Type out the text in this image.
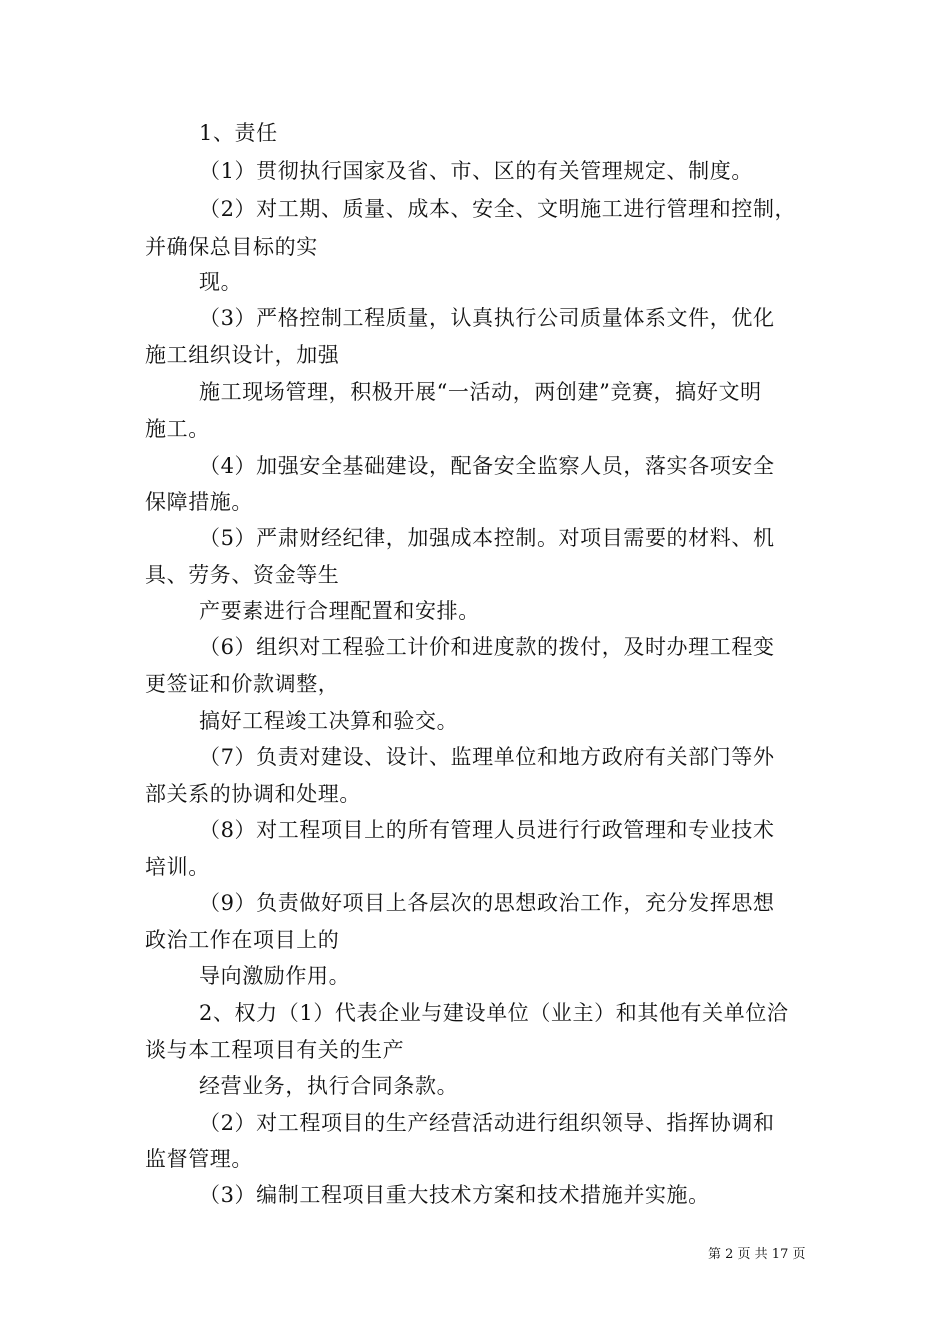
1、责任

（1）贯彻执行国家及省、市、区的有关管理规定、制度。

（2）对工期、质量、成本、安全、文明施工进行管理和控制，

并确保总目标的实

现。

（3）严格控制工程质量，认真执行公司质量体系文件，优化

施工组织设计，加强

施工现场管理，积极开展“一活动，两创建”竞赛，搞好文明

施工。

（4）加强安全基础建设，配备安全监察人员，落实各项安全

保障措施。

（5）严肃财经纪律，加强成本控制。对项目需要的材料、机

具、劳务、资金等生

产要素进行合理配置和安排。

（6）组织对工程验工计价和进度款的拨付，及时办理工程变

更签证和价款调整，

搞好工程竣工决算和验交。

（7）负责对建设、设计、监理单位和地方政府有关部门等外

部关系的协调和处理。

（8）对工程项目上的所有管理人员进行行政管理和专业技术

培训。

（9）负责做好项目上各层次的思想政治工作，充分发挥思想

政治工作在项目上的

导向激励作用。

2、权力（1）代表企业与建设单位（业主）和其他有关单位洽

谈与本工程项目有关的生产

经营业务，执行合同条款。

（2）对工程项目的生产经营活动进行组织领导、指挥协调和

监督管理。

（3）编制工程项目重大技术方案和技术措施并实施。

第 2 页 共 17 页
